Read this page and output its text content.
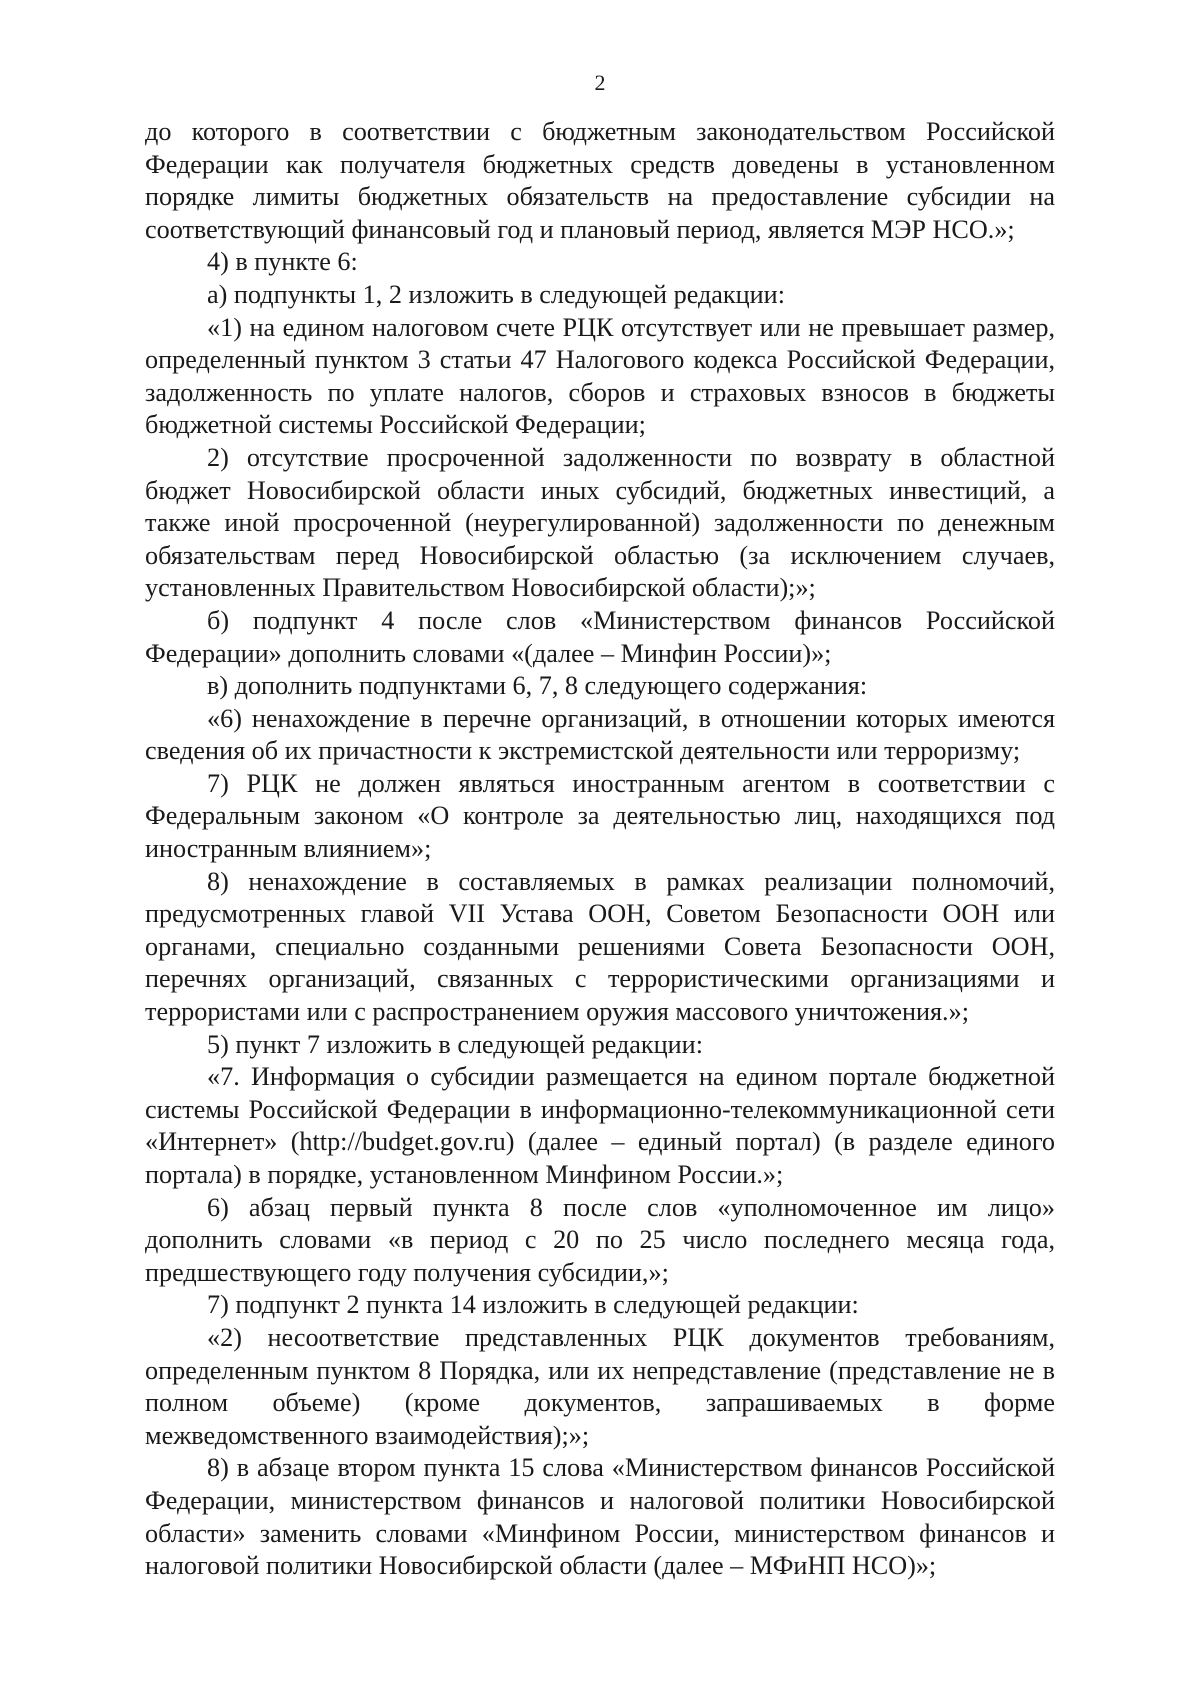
2

до которого в соответствии с бюджетным законодательством Российской Федерации как получателя бюджетных средств доведены в установленном порядке лимиты бюджетных обязательств на предоставление субсидии на соответствующий финансовый год и плановый период, является МЭР НСО.»;

4) в пункте 6:

а) подпункты 1, 2 изложить в следующей редакции:

«1) на едином налоговом счете РЦК отсутствует или не превышает размер, определенный пунктом 3 статьи 47 Налогового кодекса Российской Федерации, задолженность по уплате налогов, сборов и страховых взносов в бюджеты бюджетной системы Российской Федерации;

2) отсутствие просроченной задолженности по возврату в областной бюджет Новосибирской области иных субсидий, бюджетных инвестиций, а также иной просроченной (неурегулированной) задолженности по денежным обязательствам перед Новосибирской областью (за исключением случаев, установленных Правительством Новосибирской области);»;

б) подпункт 4 после слов «Министерством финансов Российской Федерации» дополнить словами «(далее – Минфин России)»;

в) дополнить подпунктами 6, 7, 8 следующего содержания:

«6) ненахождение в перечне организаций, в отношении которых имеются сведения об их причастности к экстремистской деятельности или терроризму;

7) РЦК не должен являться иностранным агентом в соответствии с Федеральным законом «О контроле за деятельностью лиц, находящихся под иностранным влиянием»;

8) ненахождение в составляемых в рамках реализации полномочий, предусмотренных главой VII Устава ООН, Советом Безопасности ООН или органами, специально созданными решениями Совета Безопасности ООН, перечнях организаций, связанных с террористическими организациями и террористами или с распространением оружия массового уничтожения.»;

5) пункт 7 изложить в следующей редакции:

«7. Информация о субсидии размещается на едином портале бюджетной системы Российской Федерации в информационно-телекоммуникационной сети «Интернет» (http://budget.gov.ru) (далее – единый портал) (в разделе единого портала) в порядке, установленном Минфином России.»;

6) абзац первый пункта 8 после слов «уполномоченное им лицо» дополнить словами «в период с 20 по 25 число последнего месяца года, предшествующего году получения субсидии,»;

7) подпункт 2 пункта 14 изложить в следующей редакции:

«2) несоответствие представленных РЦК документов требованиям, определенным пунктом 8 Порядка, или их непредставление (представление не в полном объеме) (кроме документов, запрашиваемых в форме межведомственного взаимодействия);»;

8) в абзаце втором пункта 15 слова «Министерством финансов Российской Федерации, министерством финансов и налоговой политики Новосибирской области» заменить словами «Минфином России, министерством финансов и налоговой политики Новосибирской области (далее – МФиНП НСО)»;
